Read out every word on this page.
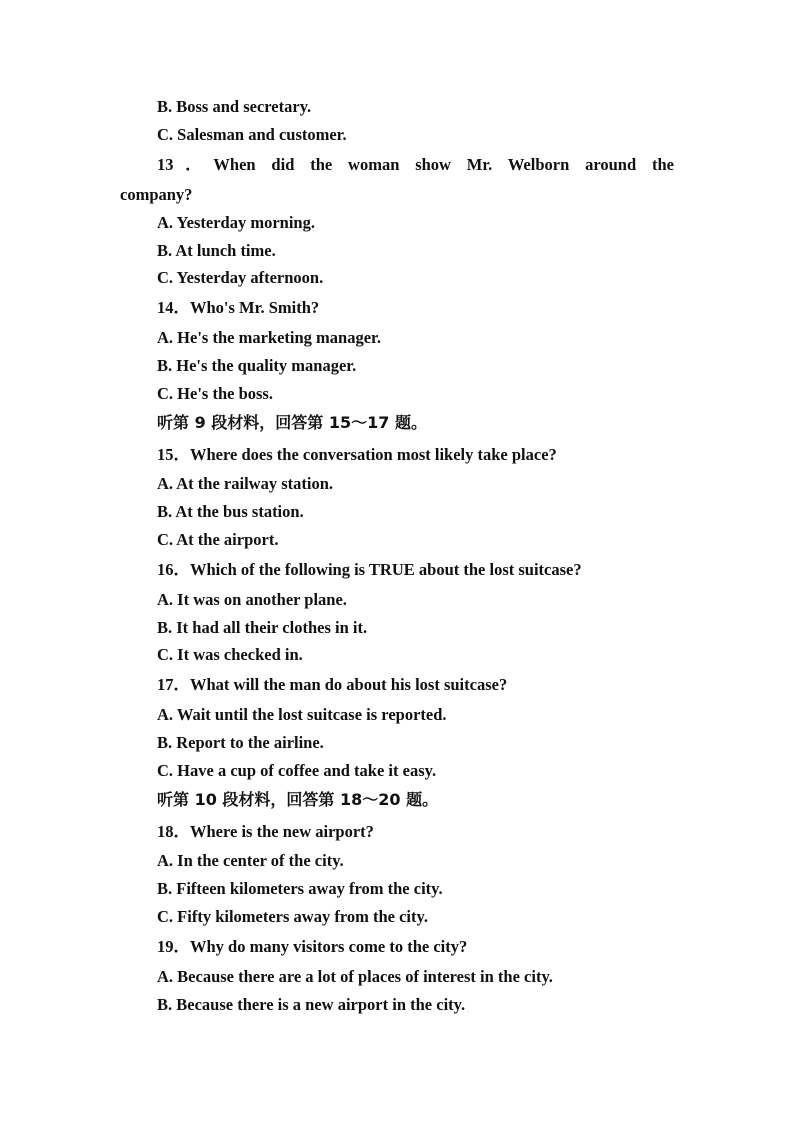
B. Boss and secretary.
C. Salesman and customer.
13．When did the woman show Mr. Welborn around the
company?
A. Yesterday morning.
B. At lunch time.
C. Yesterday afternoon.
14．Who's Mr. Smith?
A. He's the marketing manager.
B. He's the quality manager.
C. He's the boss.
听第 9 段材料，回答第 15～17 题。
15．Where does the conversation most likely take place?
A. At the railway station.
B. At the bus station.
C. At the airport.
16．Which of the following is TRUE about the lost suitcase?
A. It was on another plane.
B. It had all their clothes in it.
C. It was checked in.
17．What will the man do about his lost suitcase?
A. Wait until the lost suitcase is reported.
B. Report to the airline.
C. Have a cup of coffee and take it easy.
听第 10 段材料，回答第 18～20 题。
18．Where is the new airport?
A. In the center of the city.
B. Fifteen kilometers away from the city.
C. Fifty kilometers away from the city.
19．Why do many visitors come to the city?
A. Because there are a lot of places of interest in the city.
B. Because there is a new airport in the city.
